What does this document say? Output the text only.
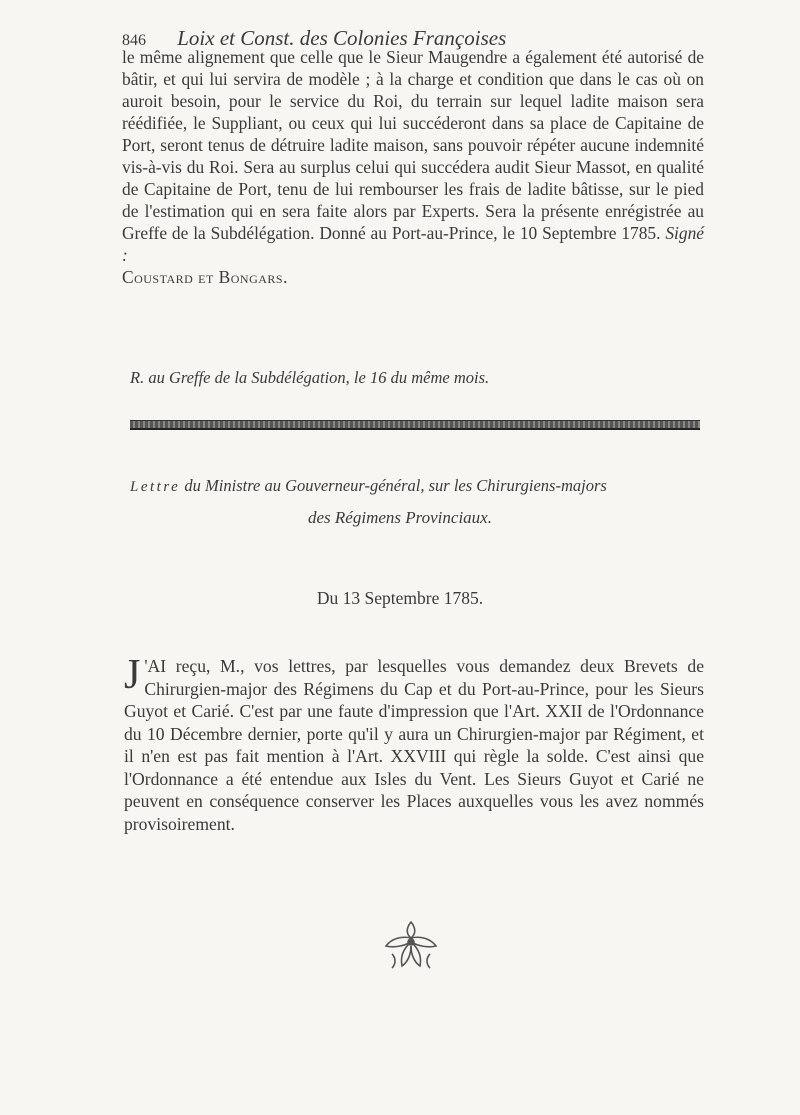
846 Loix et Const. des Colonies Françoises

le même alignement que celle que le Sieur Maugendre a également été autorisé de bâtir, et qui lui servira de modèle ; à la charge et condition que dans le cas où on auroit besoin, pour le service du Roi, du terrain sur lequel ladite maison sera réédifiée, le Suppliant, ou ceux qui lui succéderont dans sa place de Capitaine de Port, seront tenus de détruire ladite maison, sans pouvoir répéter aucune indemnité vis-à-vis du Roi. Sera au surplus celui qui succédera audit Sieur Massot, en qualité de Capitaine de Port, tenu de lui rembourser les frais de ladite bâtisse, sur le pied de l'estimation qui en sera faite alors par Experts. Sera la présente enrégistrée au Greffe de la Subdélégation. Donné au Port-au-Prince, le 10 Septembre 1785. Signé :
Coustard et Bongars.

R. au Greffe de la Subdélégation, le 16 du même mois.
Lettre du Ministre au Gouverneur-général, sur les Chirurgiens-majors
des Régimens Provinciaux.
Du 13 Septembre 1785.

J 'AI reçu, M., vos lettres, par lesquelles vous demandez deux Brevets de Chirurgien-major des Régimens du Cap et du Port-au-Prince, pour les Sieurs Guyot et Carié. C'est par une faute d'impression que l'Art. XXII de l'Ordonnance du 10 Décembre dernier, porte qu'il y aura un Chirurgien-major par Régiment, et il n'en est pas fait mention à l'Art. XXVIII qui règle la solde. C'est ainsi que l'Ordonnance a été entendue aux Isles du Vent. Les Sieurs Guyot et Carié ne peuvent en conséquence conserver les Places auxquelles vous les avez nommés provisoirement.
